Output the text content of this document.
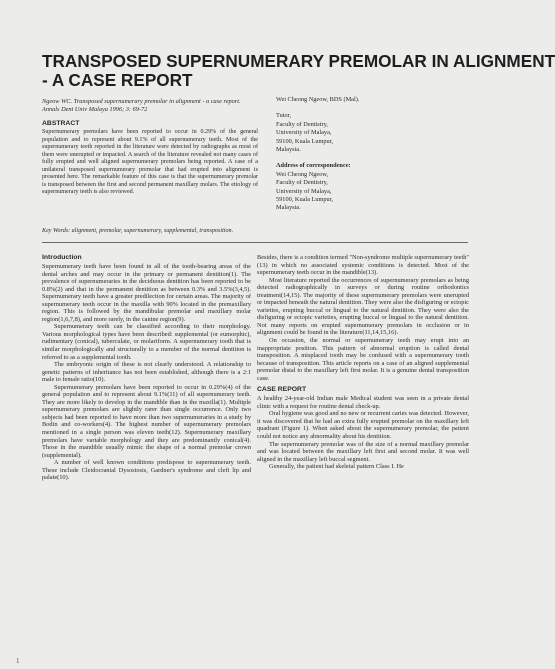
TRANSPOSED SUPERNUMERARY PREMOLAR IN ALIGNMENT
- A CASE REPORT
Ngeow WC. Transposed supernumerary premolar in alignment - a case report. Annals Dent Univ Malaya 1996; 3: 69-72

ABSTRACT

Supernumerary premolars have been reported to occur in 0.29% of the general population and to represent about 9.1% of all supernumerary teeth. Most of the supernumerary teeth reported in the literature were detected by radiographs as most of them were unerupted or impacted. A search of the literature revealed not many cases of fully erupted and well aligned supernumerary premolars being reported. A case of a unilateral transposed supernumerary premolar that had erupted into alignment is presented here. The remarkable feature of this case is that the supernumerary premolar is transposed between the first and second permanent maxillary molars. The etiology of supernumerary teeth is also reviewed.

Key Words: alignment, premolar, supernumerary, supplemental, transposition.

Wei Cheong Ngeow, BDS (Mal).

Tutor,

Faculty of Dentistry,

University of Malaya,

59100, Kuala Lumpur,

Malaysia.

Address of correspondence:

Wei Cheong Ngeow,

Faculty of Dentistry,

University of Malaya,

59100, Kuala Lumpur,

Malaysia.

Introduction

Supernumerary teeth have been found in all of the tooth-bearing areas of the dental arches and may occur in the primary or permanent dentition(1). The prevalence of supernumeraries in the deciduous dentition has been reported to be 0.8%(2) and that in the permanent dentition as between 0.3% and 3.5%(3,4,5). Supernumerary teeth have a greater predilection for certain areas. The majority of supernumerary teeth occur in the maxilla with 90% located in the premaxillary region. This is followed by the mandibular premolar and maxillary molar region(1,6,7,8), and more rarely, in the canine region(9).

Supernumerary teeth can be classified according to their morphology. Various morphological types have been described: supplemental (or eumorphic), rudimentary (conical), tuberculate, or molariform. A supernumerary tooth that is similar morphologically and structurally to a member of the normal dentition is referred to as a supplemental tooth.

The embryonic origin of these is not clearly understood. A relationship to genetic patterns of inheritance has not been established, although there is a 2:1 male to female ratio(10).

Supernumerary premolars have been reported to occur in 0.29%(4) of the general population and to represent about 9.1%(11) of all supernumerary teeth. They are more likely to develop in the mandible than in the maxilla(1). Multiple supernumerary premolars are slightly rarer than single occurrence. Only two subjects had been reported to have more than two supernumeraries in a study by Bodin and co-workers(4). The highest number of supernumerary premolars mentioned in a single person was eleven teeth(12). Supernumerary maxillary premolars have variable morphology and they are predominantly conical(4). Those in the mandible usually mimic the shape of a normal premolar crown (supplemental).

A number of well known conditions predispose to supernumerary teeth. These include Cleidocranial Dysostosis, Gardner's syndrome and cleft lip and palate(10).

Besides, there is a condition termed "Non-syndrome multiple supernumerary teeth"(13) in which no associated systemic conditions is detected. Most of the supernumerary teeth occur in the mandible(13).

Most literature reported the occurrences of supernumerary premolars as being detected radiographically in surveys or during routine orthodontics treatment(14,15). The majority of these supernumerary premolars were unerupted or impacted beneath the natural dentition. They were also the disfiguring or ectopic varieties, erupting buccal or lingual to the natural dentition. They were also the disfiguring or ectopic varieties, erupting buccal or lingual to the natural dentition. Not many reports on erupted supernumerary premolars in occlusion or in alignment could be found in the literature(11,14,15,16).

On occasion, the normal or supernumerary teeth may erupt into an inappropriate position. This pattern of abnormal eruption is called dental transposition. A misplaced tooth may be confused with a supernumerary tooth because of transposition. This article reports on a case of an aligned supplemental premolar distal to the maxillary left first molar. It is a genuine dental transposition case.

CASE REPORT

A healthy 24-year-old Indian male Medical student was seen in a private dental clinic with a request for routine dental check-up.

Oral hygiene was good and no new or recurrent caries was detected. However, it was discovered that he had an extra fully erupted premolar on the maxillary left quadrant (Figure 1). When asked about the supernumerary premolar, the patient could not notice any abnormality about his dentition.

The supernumerary premolar was of the size of a normal maxillary premolar and was located between the maxillary left first and second molar. It was well aligned in the maxillary left buccal segment.

Generally, the patient had skeletal pattern Class I. He

1
